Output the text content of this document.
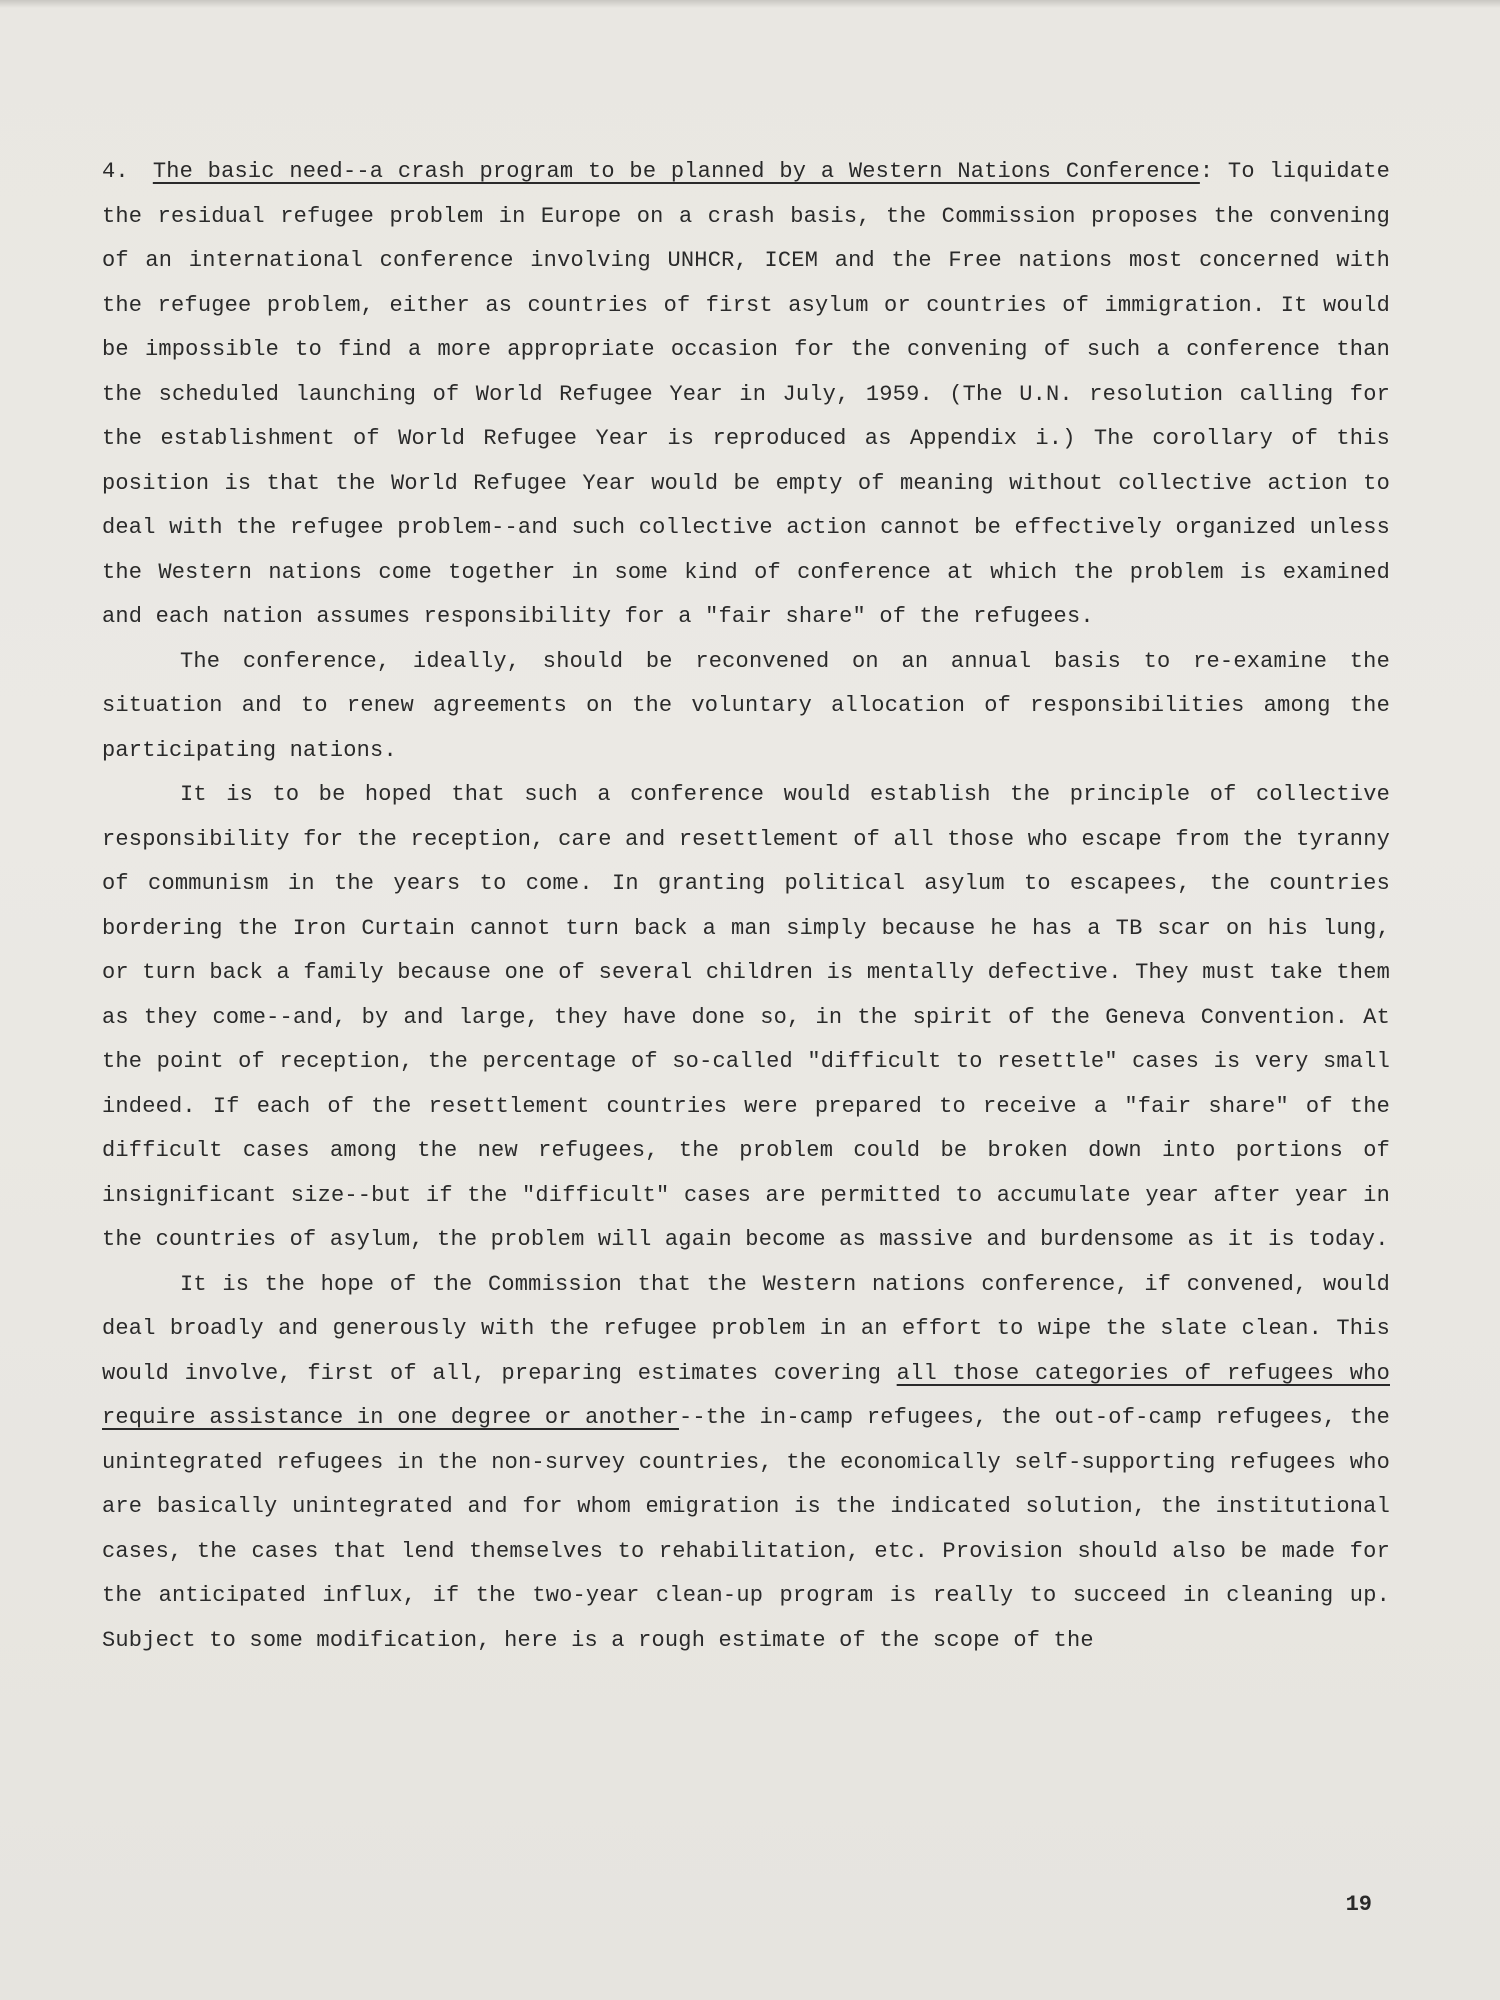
4. The basic need--a crash program to be planned by a Western Nations Conference: To liquidate the residual refugee problem in Europe on a crash basis, the Commission proposes the convening of an international conference involving UNHCR, ICEM and the Free nations most concerned with the refugee problem, either as countries of first asylum or countries of immigration. It would be impossible to find a more appropriate occasion for the convening of such a conference than the scheduled launching of World Refugee Year in July, 1959. (The U.N. resolution calling for the establishment of World Refugee Year is reproduced as Appendix i.) The corollary of this position is that the World Refugee Year would be empty of meaning without collective action to deal with the refugee problem--and such collective action cannot be effectively organized unless the Western nations come together in some kind of conference at which the problem is examined and each nation assumes responsibility for a "fair share" of the refugees.

The conference, ideally, should be reconvened on an annual basis to re-examine the situation and to renew agreements on the voluntary allocation of responsibilities among the participating nations.

It is to be hoped that such a conference would establish the principle of collective responsibility for the reception, care and resettlement of all those who escape from the tyranny of communism in the years to come. In granting political asylum to escapees, the countries bordering the Iron Curtain cannot turn back a man simply because he has a TB scar on his lung, or turn back a family because one of several children is mentally defective. They must take them as they come--and, by and large, they have done so, in the spirit of the Geneva Convention. At the point of reception, the percentage of so-called "difficult to resettle" cases is very small indeed. If each of the resettlement countries were prepared to receive a "fair share" of the difficult cases among the new refugees, the problem could be broken down into portions of insignificant size--but if the "difficult" cases are permitted to accumulate year after year in the countries of asylum, the problem will again become as massive and burdensome as it is today.

It is the hope of the Commission that the Western nations conference, if convened, would deal broadly and generously with the refugee problem in an effort to wipe the slate clean. This would involve, first of all, preparing estimates covering all those categories of refugees who require assistance in one degree or another--the in-camp refugees, the out-of-camp refugees, the unintegrated refugees in the non-survey countries, the economically self-supporting refugees who are basically unintegrated and for whom emigration is the indicated solution, the institutional cases, the cases that lend themselves to rehabilitation, etc. Provision should also be made for the anticipated influx, if the two-year clean-up program is really to succeed in cleaning up. Subject to some modification, here is a rough estimate of the scope of the

19
